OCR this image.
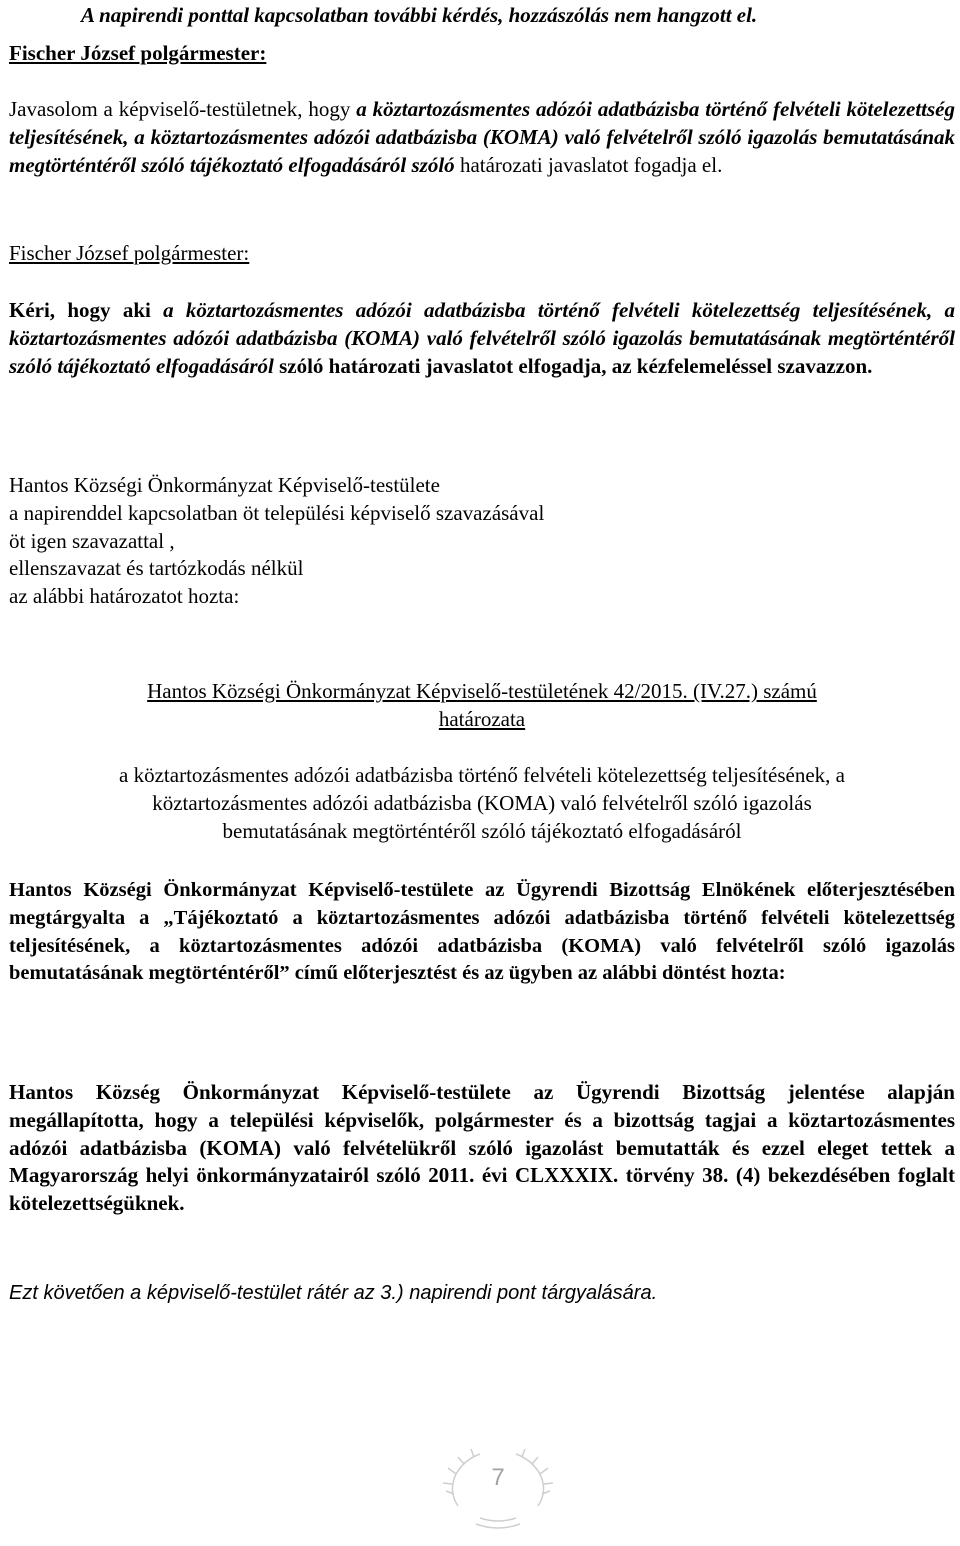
A napirendi ponttal kapcsolatban további kérdés, hozzászólás nem hangzott el.

Fischer József polgármester:

Javasolom a képviselő-testületnek, hogy a köztartozásmentes adózói adatbázisba történő felvételi kötelezettség teljesítésének, a köztartozásmentes adózói adatbázisba (KOMA) való felvételről szóló igazolás bemutatásának megtörténtéről szóló tájékoztató elfogadásáról szóló határozati javaslatot fogadja el.

Fischer József polgármester:

Kéri, hogy aki a köztartozásmentes adózói adatbázisba történő felvételi kötelezettség teljesítésének, a köztartozásmentes adózói adatbázisba (KOMA) való felvételről szóló igazolás bemutatásának megtörténtéről szóló tájékoztató elfogadásáról szóló határozati javaslatot elfogadja, az kézfelemeléssel szavazzon.

Hantos Községi Önkormányzat Képviselő-testülete

a napirenddel kapcsolatban öt települési képviselő szavazásával

öt igen szavazattal ,

ellenszavazat és tartózkodás nélkül

az alábbi határozatot hozta:

Hantos Községi Önkormányzat Képviselő-testületének 42/2015. (IV.27.) számú

határozata

a köztartozásmentes adózói adatbázisba történő felvételi kötelezettség teljesítésének, a

köztartozásmentes adózói adatbázisba (KOMA) való felvételről szóló igazolás

bemutatásának megtörténtéről szóló tájékoztató elfogadásáról

Hantos Községi Önkormányzat Képviselő-testülete az Ügyrendi Bizottság Elnökének előterjesztésében megtárgyalta a „Tájékoztató a köztartozásmentes adózói adatbázisba történő felvételi kötelezettség teljesítésének, a köztartozásmentes adózói adatbázisba (KOMA) való felvételről szóló igazolás bemutatásának megtörténtéről” című előterjesztést és az ügyben az alábbi döntést hozta:

Hantos Község Önkormányzat Képviselő-testülete az Ügyrendi Bizottság jelentése alapján megállapította, hogy a települési képviselők, polgármester és a bizottság tagjai a köztartozásmentes adózói adatbázisba (KOMA) való felvételükről szóló igazolást bemutatták és ezzel eleget tettek a Magyarország helyi önkormányzatairól szóló 2011. évi CLXXXIX. törvény 38. (4) bekezdésében foglalt kötelezettségüknek.

Ezt követően a képviselő-testület rátér az 3.) napirendi pont tárgyalására.

7
